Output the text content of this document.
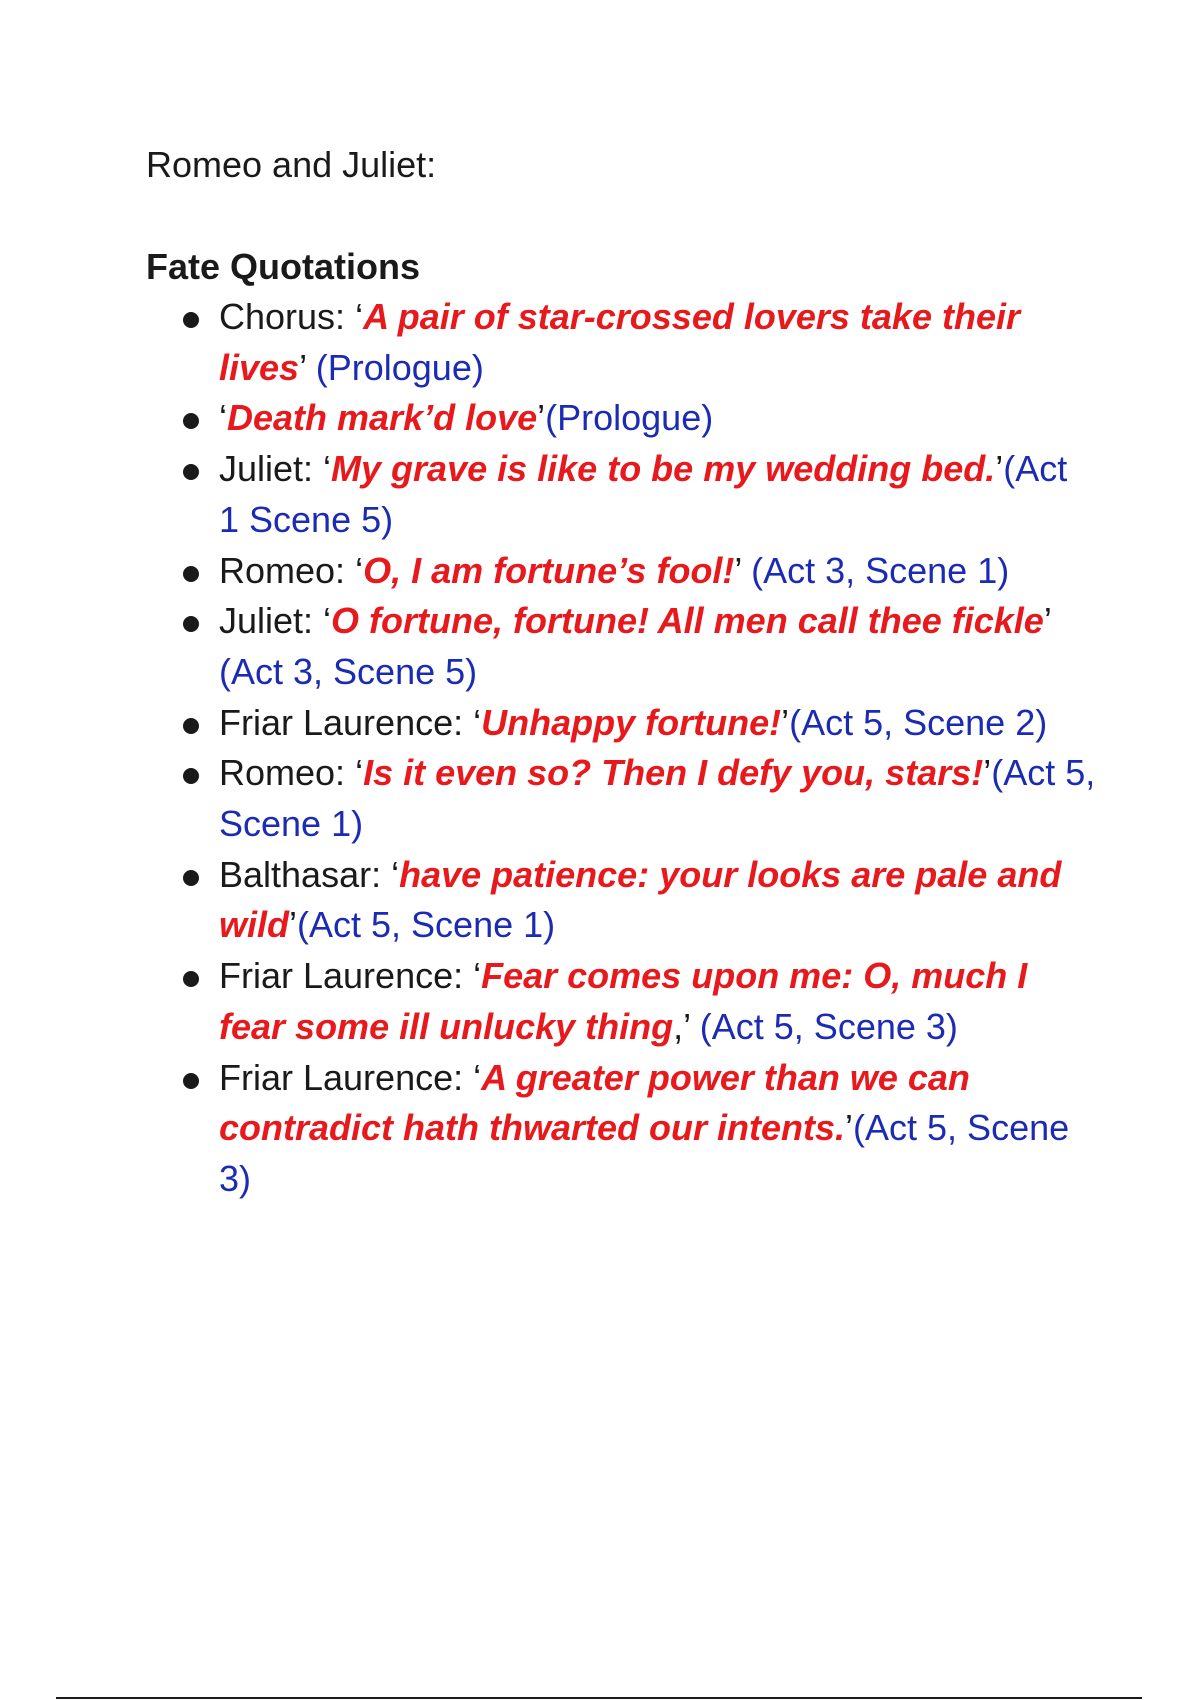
Romeo and Juliet:

Fate Quotations
Chorus: ‘A pair of star-crossed lovers take their lives’ (Prologue)
‘Death mark’d love’(Prologue)
Juliet: ‘My grave is like to be my wedding bed.’(Act 1 Scene 5)
Romeo: ‘O, I am fortune’s fool!’ (Act 3, Scene 1)
Juliet: ‘O fortune, fortune! All men call thee fickle’ (Act 3, Scene 5)
Friar Laurence: ‘Unhappy fortune!’(Act 5, Scene 2)
Romeo: ‘Is it even so? Then I defy you, stars!’(Act 5, Scene 1)
Balthasar: ‘have patience: your looks are pale and wild’(Act 5, Scene 1)
Friar Laurence: ‘Fear comes upon me: O, much I fear some ill unlucky thing,’ (Act 5, Scene 3)
Friar Laurence: ‘A greater power than we can contradict hath thwarted our intents.’(Act 5, Scene 3)
